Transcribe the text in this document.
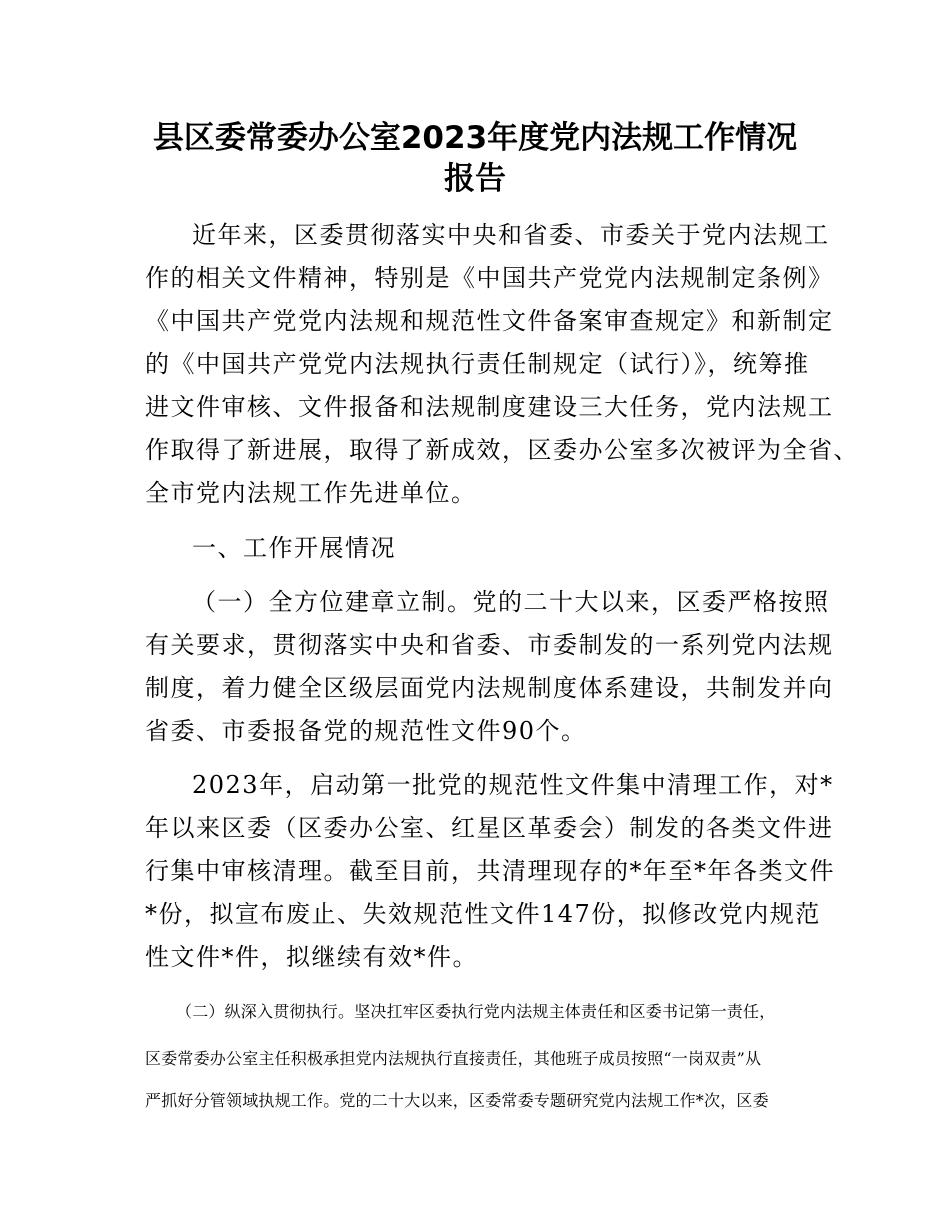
县区委常委办公室2023年度党内法规工作情况
报告

近年来，区委贯彻落实中央和省委、市委关于党内法规工

作的相关文件精神，特别是《中国共产党党内法规制定条例》

《中国共产党党内法规和规范性文件备案审查规定》和新制定

的《中国共产党党内法规执行责任制规定（试行）》，统筹推

进文件审核、文件报备和法规制度建设三大任务，党内法规工

作取得了新进展，取得了新成效，区委办公室多次被评为全省、

全市党内法规工作先进单位。

一、工作开展情况

（一）全方位建章立制。党的二十大以来，区委严格按照

有关要求，贯彻落实中央和省委、市委制发的一系列党内法规

制度，着力健全区级层面党内法规制度体系建设，共制发并向

省委、市委报备党的规范性文件90个。

2023年，启动第一批党的规范性文件集中清理工作，对*

年以来区委（区委办公室、红星区革委会）制发的各类文件进

行集中审核清理。截至目前，共清理现存的*年至*年各类文件

*份，拟宣布废止、失效规范性文件147份，拟修改党内规范

性文件*件，拟继续有效*件。

（二）纵深入贯彻执行。坚决扛牢区委执行党内法规主体责任和区委书记第一责任，

区委常委办公室主任积极承担党内法规执行直接责任，其他班子成员按照“一岗双责”从

严抓好分管领域执规工作。党的二十大以来，区委常委专题研究党内法规工作*次，区委
